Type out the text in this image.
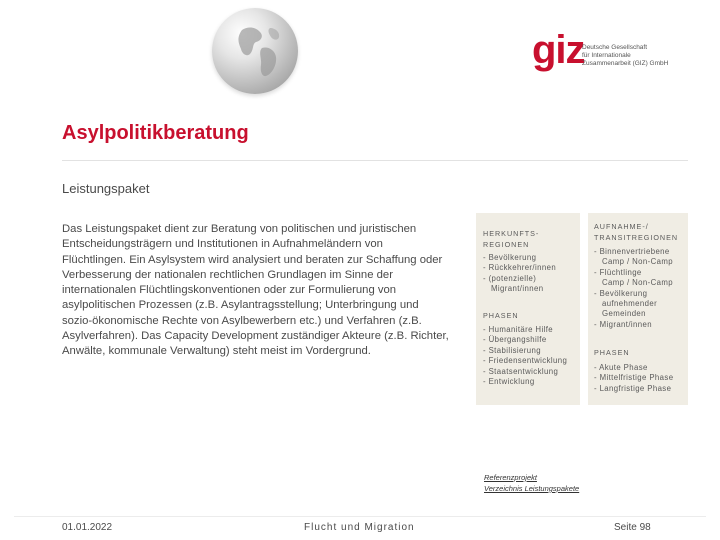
giz
Deutsche Gesellschaft
für Internationale
Zusammenarbeit (GIZ) GmbH
Asylpolitikberatung
Leistungspaket
Das Leistungspaket dient zur Beratung von politischen und juristischen Entscheidungsträgern und Institutionen in Aufnahmeländern von Flüchtlingen. Ein Asylsystem wird analysiert und beraten zur Schaffung oder Verbesserung der nationalen rechtlichen Grundlagen im Sinne der internationalen Flüchtlingskonventionen oder zur Formulierung von asylpolitischen Prozessen (z.B. Asylantragsstellung; Unterbringung und sozio-ökonomische Rechte von Asylbewerbern etc.) und Verfahren (z.B. Asylverfahren). Das Capacity Development zuständiger Akteure (z.B. Richter, Anwälte, kommunale Verwaltung) steht meist im Vordergrund.
HERKUNFTS-
REGIONEN
- Bevölkerung
- Rückkehrer/innen
- (potenzielle)
Migrant/innen
PHASEN
- Humanitäre Hilfe
- Übergangshilfe
- Stabilisierung
- Friedensentwicklung
- Staatsentwicklung
- Entwicklung
AUFNAHME-/
TRANSITREGIONEN
- Binnenvertriebene
Camp / Non-Camp
- Flüchtlinge
Camp / Non-Camp
- Bevölkerung
aufnehmender
Gemeinden
- Migrant/innen
PHASEN
- Akute Phase
- Mittelfristige Phase
- Langfristige Phase
Referenzprojekt
Verzeichnis Leistungspakete
01.01.2022	Flucht und Migration	Seite 98
